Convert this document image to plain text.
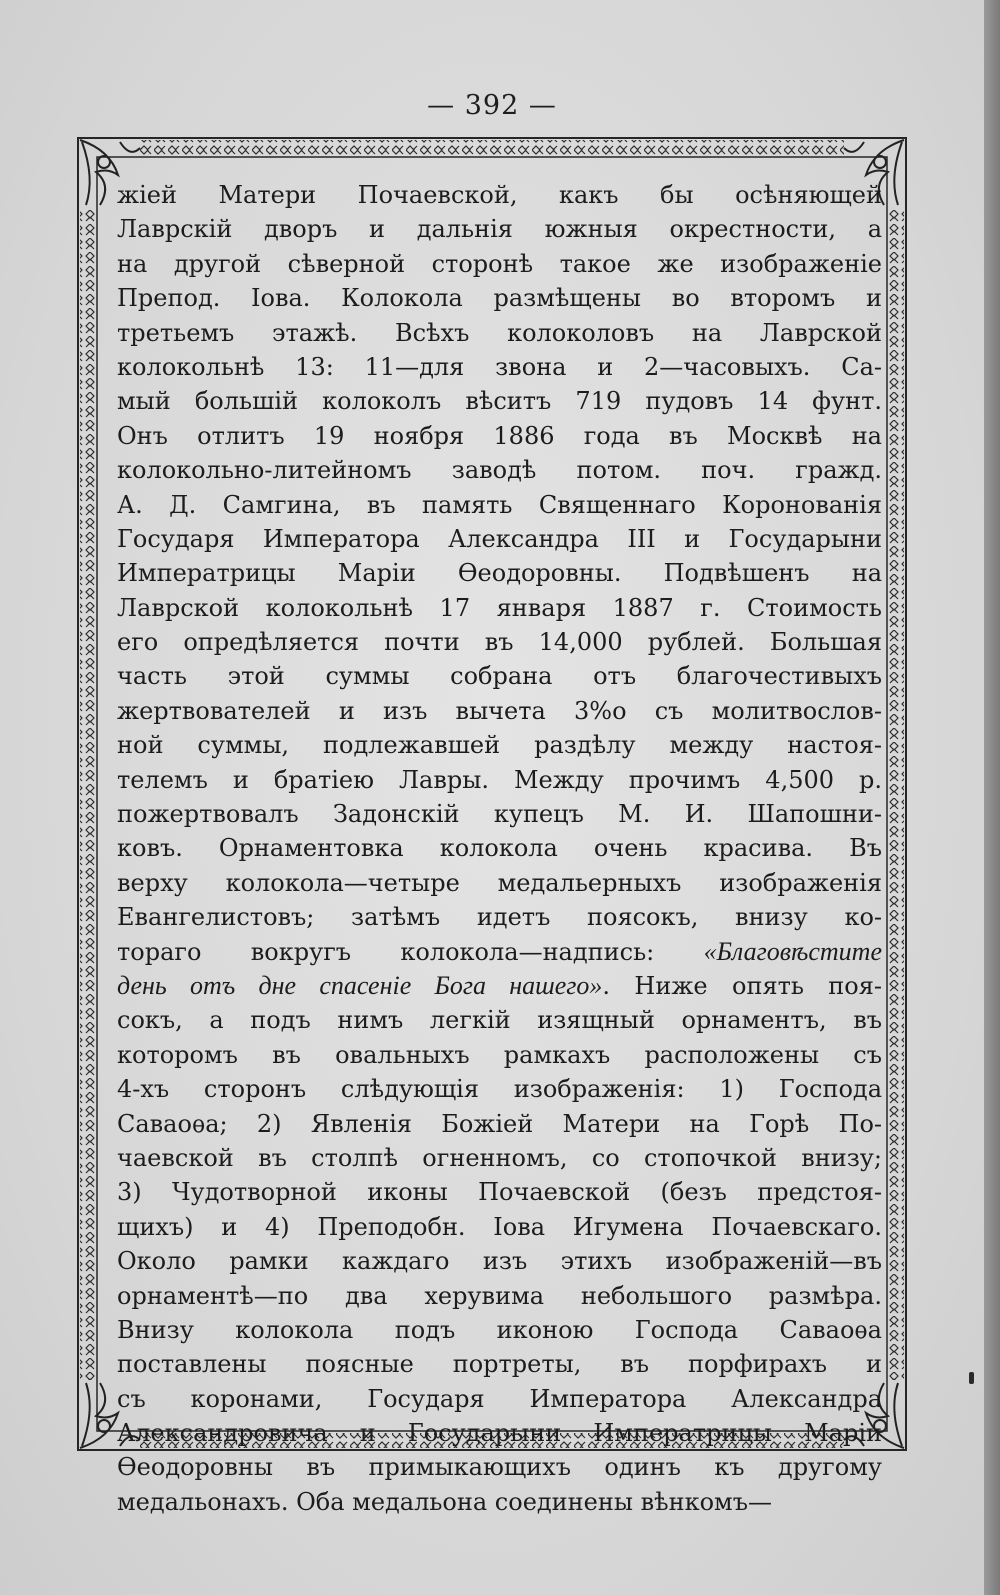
— 392 —
жіей Матери Почаевской, какъ бы осѣняющей
Лаврскій дворъ и дальнія южныя окрестности, а
на другой сѣверной сторонѣ такое же изображеніе
Препод. Іова. Колокола размѣщены во второмъ и
третьемъ этажѣ. Всѣхъ колоколовъ на Лаврской
колокольнѣ 13: 11—для звона и 2—часовыхъ. Са-
мый большій колоколъ вѣситъ 719 пудовъ 14 фунт.
Онъ отлитъ 19 ноября 1886 года въ Москвѣ на
колокольно-литейномъ заводѣ потом. поч. гражд.
А. Д. Самгина, въ память Священнаго Коронованія
Государя Императора Александра III и Государыни
Императрицы Маріи Ѳеодоровны. Подвѣшенъ на
Лаврской колокольнѣ 17 января 1887 г. Стоимость
его опредѣляется почти въ 14,000 рублей. Большая
часть этой суммы собрана отъ благочестивыхъ
жертвователей и изъ вычета 3%о съ молитвослов-
ной суммы, подлежавшей раздѣлу между настоя-
телемъ и братіею Лавры. Между прочимъ 4,500 р.
пожертвовалъ Задонскій купецъ М. И. Шапошни-
ковъ. Орнаментовка колокола очень красива. Въ
верху колокола—четыре медальерныхъ изображенія
Евангелистовъ; затѣмъ идетъ поясокъ, внизу ко-
тораго вокругъ колокола—надпись: «Благовѣстите
день отъ дне спасеніе Бога нашего». Ниже опять поя-
сокъ, а подъ нимъ легкій изящный орнаментъ, въ
которомъ въ овальныхъ рамкахъ расположены съ
4-хъ сторонъ слѣдующія изображенія: 1) Господа
Саваоѳа; 2) Явленія Божіей Матери на Горѣ По-
чаевской въ столпѣ огненномъ, со стопочкой внизу;
3) Чудотворной иконы Почаевской (безъ предстоя-
щихъ) и 4) Преподобн. Іова Игумена Почаевскаго.
Около рамки каждаго изъ этихъ изображеній—въ
орнаментѣ—по два херувима небольшого размѣра.
Внизу колокола подъ иконою Господа Саваоѳа
поставлены поясные портреты, въ порфирахъ и
съ коронами, Государя Императора Александра
Александровича и Государыни Императрицы Маріи
Ѳеодоровны въ примыкающихъ одинъ къ другому
медальонахъ. Оба медальона соединены вѣнкомъ—
